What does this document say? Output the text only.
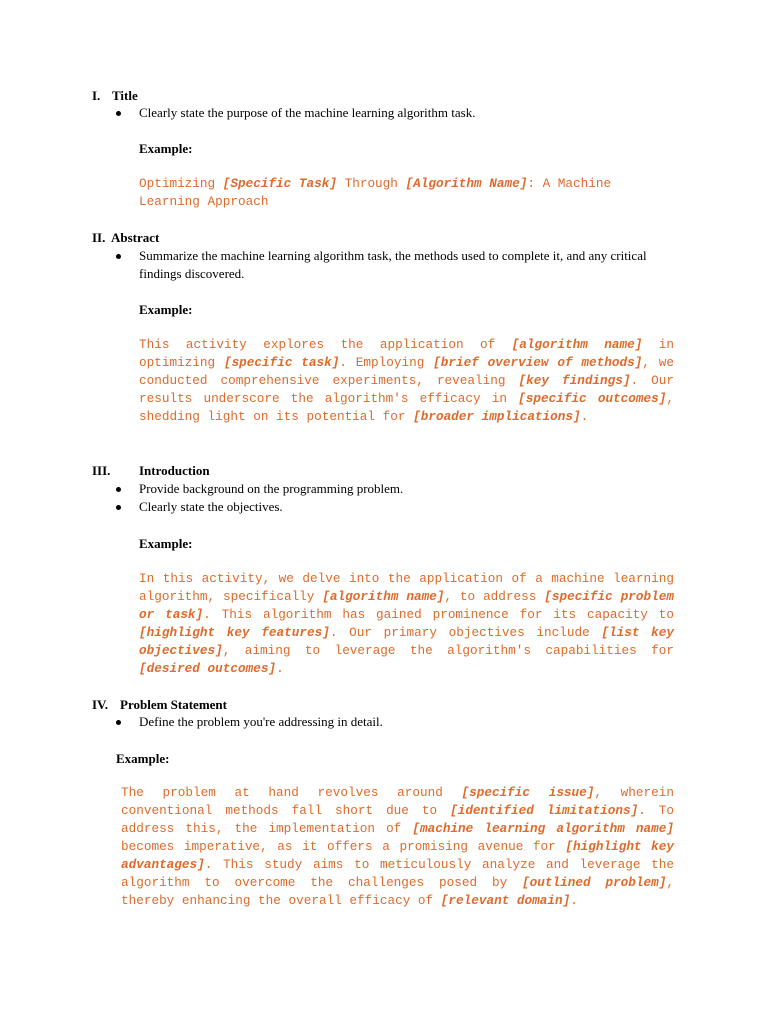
I. Title
Clearly state the purpose of the machine learning algorithm task.
Example:

Optimizing [Specific Task] Through [Algorithm Name]: A Machine Learning Approach

II. Abstract
Summarize the machine learning algorithm task, the methods used to complete it, and any critical findings discovered.
Example:

This activity explores the application of [algorithm name] in optimizing [specific task]. Employing [brief overview of methods], we conducted comprehensive experiments, revealing [key findings]. Our results underscore the algorithm's efficacy in [specific outcomes], shedding light on its potential for [broader implications].

III. Introduction
Provide background on the programming problem.
Clearly state the objectives.
Example:

In this activity, we delve into the application of a machine learning algorithm, specifically [algorithm name], to address [specific problem or task]. This algorithm has gained prominence for its capacity to [highlight key features]. Our primary objectives include [list key objectives], aiming to leverage the algorithm's capabilities for [desired outcomes].

IV. Problem Statement
Define the problem you're addressing in detail.
Example:

The problem at hand revolves around [specific issue], wherein conventional methods fall short due to [identified limitations]. To address this, the implementation of [machine learning algorithm name] becomes imperative, as it offers a promising avenue for [highlight key advantages]. This study aims to meticulously analyze and leverage the algorithm to overcome the challenges posed by [outlined problem], thereby enhancing the overall efficacy of [relevant domain].
